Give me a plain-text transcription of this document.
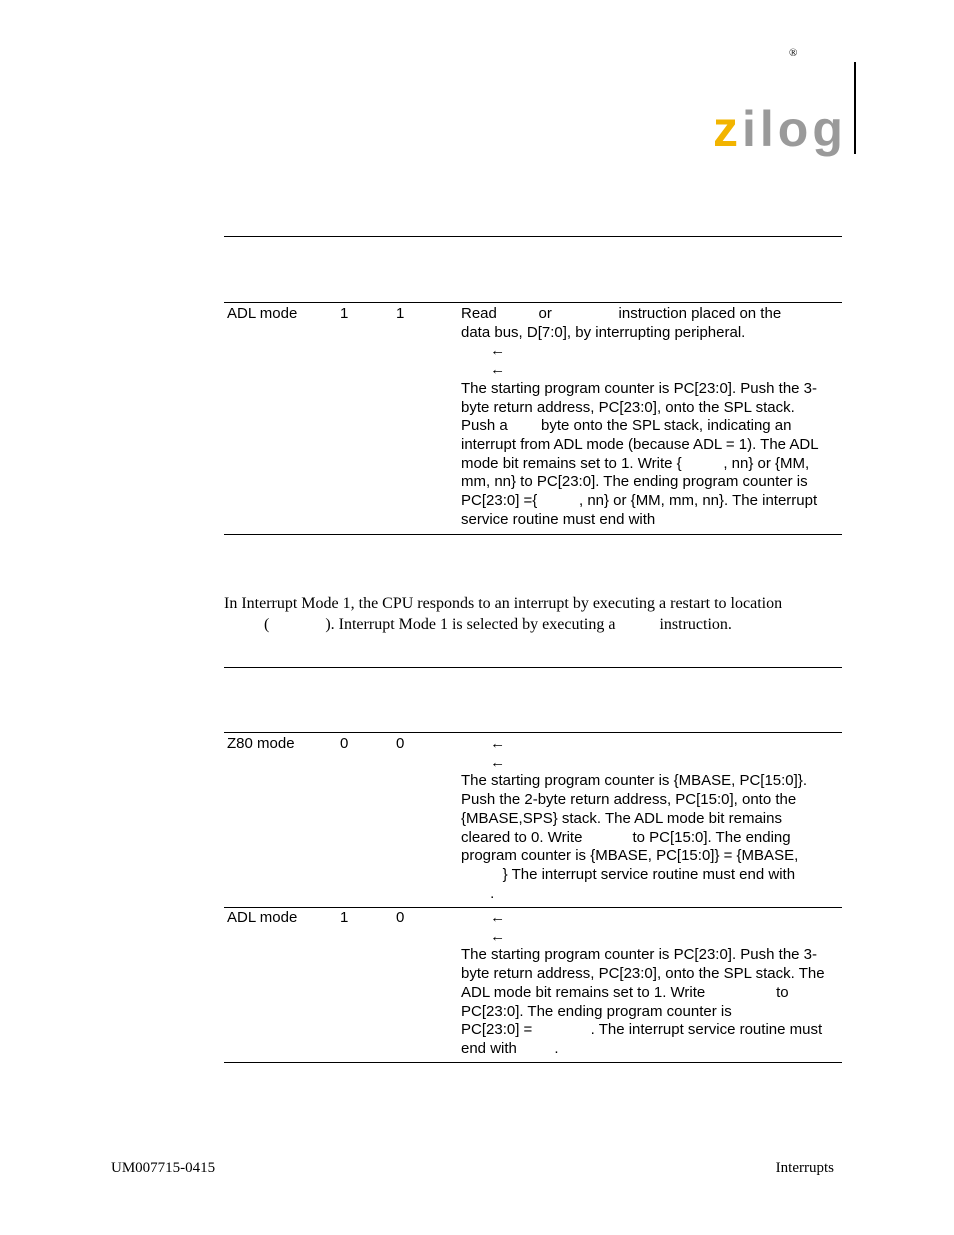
®
zilog
ADL mode	1	1	Read          or                instruction placed on the
data bus, D[7:0], by interrupting peripheral.
←
←
The starting program counter is PC[23:0]. Push the 3-
byte return address, PC[23:0], onto the SPL stack.
Push a        byte onto the SPL stack, indicating an
interrupt from ADL mode (because ADL = 1). The ADL
mode bit remains set to 1. Write {          , nn} or {MM,
mm, nn} to PC[23:0]. The ending program counter is
PC[23:0] ={          , nn} or {MM, mm, nn}. The interrupt
service routine must end with
In Interrupt Mode 1, the CPU responds to an interrupt by executing a restart to location
(              ). Interrupt Mode 1 is selected by executing a           instruction.
Z80 mode	0	0	←
←
The starting program counter is {MBASE, PC[15:0]}.
Push the 2-byte return address, PC[15:0], onto the
{MBASE,SPS} stack. The ADL mode bit remains
cleared to 0. Write            to PC[15:0]. The ending
program counter is {MBASE, PC[15:0]} = {MBASE,
} The interrupt service routine must end with
.
ADL mode	1	0	←
←
The starting program counter is PC[23:0]. Push the 3-
byte return address, PC[23:0], onto the SPL stack. The
ADL mode bit remains set to 1. Write                 to
PC[23:0]. The ending program counter is
PC[23:0] =              . The interrupt service routine must
end with         .
UM007715-0415	Interrupts
